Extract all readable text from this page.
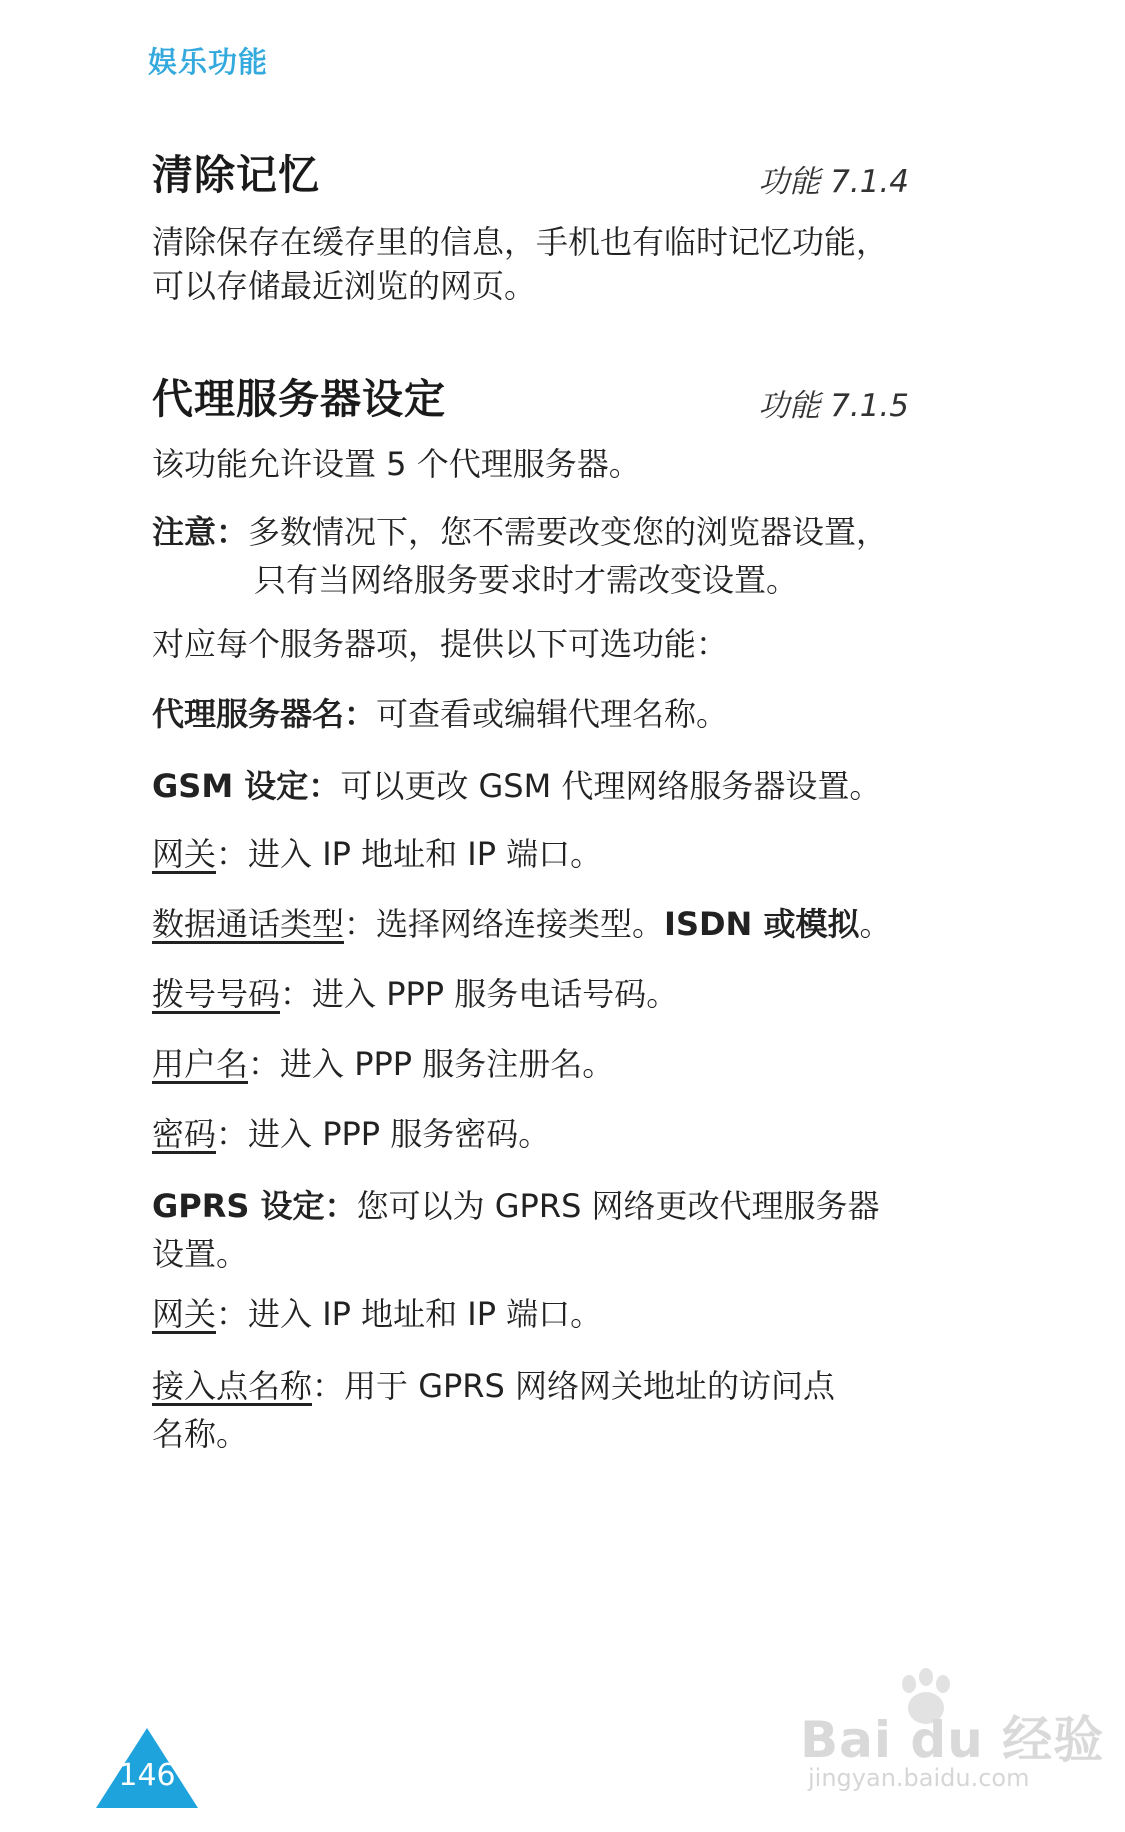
娱乐功能
清除记忆	功能 7.1.4
清除保存在缓存里的信息，手机也有临时记忆功能，
可以存储最近浏览的网页。
代理服务器设定	功能 7.1.5
该功能允许设置 5 个代理服务器。
注意：多数情况下，您不需要改变您的浏览器设置，
只有当网络服务要求时才需改变设置。
对应每个服务器项，提供以下可选功能：
代理服务器名：可查看或编辑代理名称。
GSM 设定：可以更改 GSM 代理网络服务器设置。
网关：进入 IP 地址和 IP 端口。
数据通话类型：选择网络连接类型。ISDN 或模拟。
拨号号码：进入 PPP 服务电话号码。
用户名：进入 PPP 服务注册名。
密码：进入 PPP 服务密码。
GPRS 设定：您可以为 GPRS 网络更改代理服务器
设置。
网关：进入 IP 地址和 IP 端口。
接入点名称：用于 GPRS 网络网关地址的访问点
名称。
146
Bai du 经验
jingyan.baidu.com
